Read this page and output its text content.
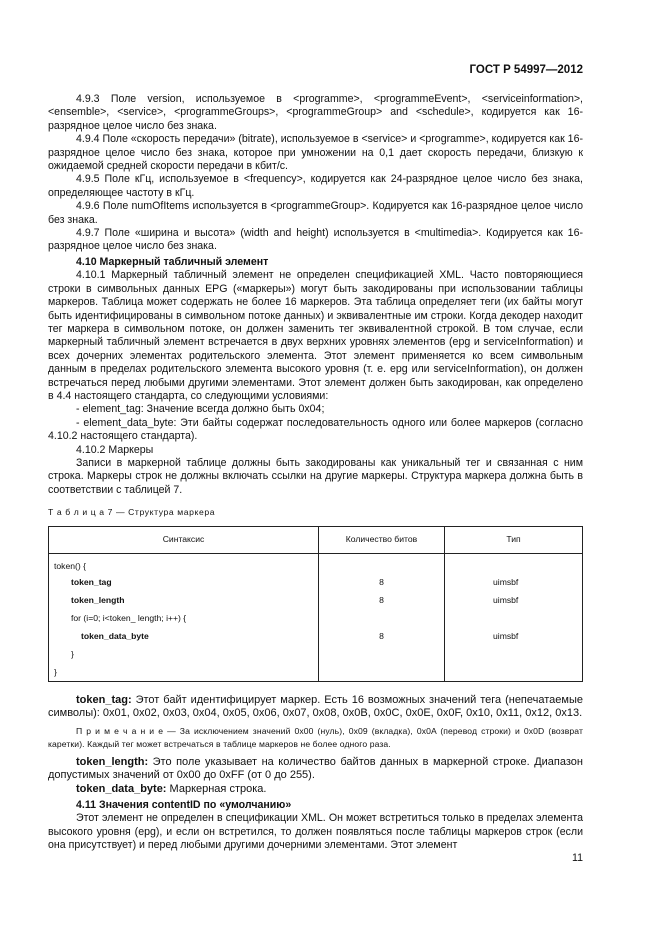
ГОСТ Р 54997—2012

4.9.3 Поле version, используемое в <programme>, <programmeEvent>, <serviceinformation>, <ensemble>, <service>, <programmeGroups>, <programmeGroup> and <schedule>, кодируется как 16-разрядное целое число без знака.

4.9.4 Поле «скорость передачи» (bitrate), используемое в <service> и <programme>, кодируется как 16-разрядное целое число без знака, которое при умножении на 0,1 дает скорость передачи, близкую к ожидаемой средней скорости передачи в кбит/с.

4.9.5 Поле кГц, используемое в <frequency>, кодируется как 24-разрядное целое число без знака, определяющее частоту в кГц.

4.9.6 Поле numOfItems используется в <programmeGroup>. Кодируется как 16-разрядное целое число без знака.

4.9.7 Поле «ширина и высота» (width and height) используется в <multimedia>. Кодируется как 16-разрядное целое число без знака.

4.10 Маркерный табличный элемент

4.10.1 Маркерный табличный элемент не определен спецификацией XML. Часто повторяющиеся строки в символьных данных EPG («маркеры») могут быть закодированы при использовании таблицы маркеров. Таблица может содержать не более 16 маркеров. Эта таблица определяет теги (их байты могут быть идентифицированы в символьном потоке данных) и эквивалентные им строки. Когда декодер находит тег маркера в символьном потоке, он должен заменить тег эквивалентной строкой. В том случае, если маркерный табличный элемент встречается в двух верхних уровнях элементов (epg и serviceInformation) и всех дочерних элементах родительского элемента. Этот элемент применяется ко всем символьным данным в пределах родительского элемента высокого уровня (т. е. epg или serviceInformation), он должен встречаться перед любыми другими элементами. Этот элемент должен быть закодирован, как определено в 4.4 настоящего стандарта, со следующими условиями:

- element_tag: Значение всегда должно быть 0x04;

- element_data_byte: Эти байты содержат последовательность одного или более маркеров (согласно 4.10.2 настоящего стандарта).

4.10.2 Маркеры

Записи в маркерной таблице должны быть закодированы как уникальный тег и связанная с ним строка. Маркеры строк не должны включать ссылки на другие маркеры. Структура маркера должна быть в соответствии с таблицей 7.

Т а б л и ц а 7 — Структура маркера
Синтаксис	Количество битов	Тип

token() {		

token_tag	8	uimsbf

token_length	8	uimsbf

for (i=0; i<token_ length; i++) {		

token_data_byte	8	uimsbf

}		

}		

token_tag: Этот байт идентифицирует маркер. Есть 16 возможных значений тега (непечатаемые символы): 0x01, 0x02, 0x03, 0x04, 0x05, 0x06, 0x07, 0x08, 0x0B, 0x0C, 0x0E, 0x0F, 0x10, 0x11, 0x12, 0x13.

П р и м е ч а н и е — За исключением значений 0x00 (нуль), 0x09 (вкладка), 0x0A (перевод строки) и 0x0D (возврат каретки). Каждый тег может встречаться в таблице маркеров не более одного раза.

token_length: Это поле указывает на количество байтов данных в маркерной строке. Диапазон допустимых значений от 0x00 до 0xFF (от 0 до 255).

token_data_byte: Маркерная строка.

4.11 Значения contentID по «умолчанию»

Этот элемент не определен в спецификации XML. Он может встретиться только в пределах элемента высокого уровня (epg), и если он встретился, то должен появляться после таблицы маркеров строк (если она присутствует) и перед любыми другими дочерними элементами. Этот элемент

11
